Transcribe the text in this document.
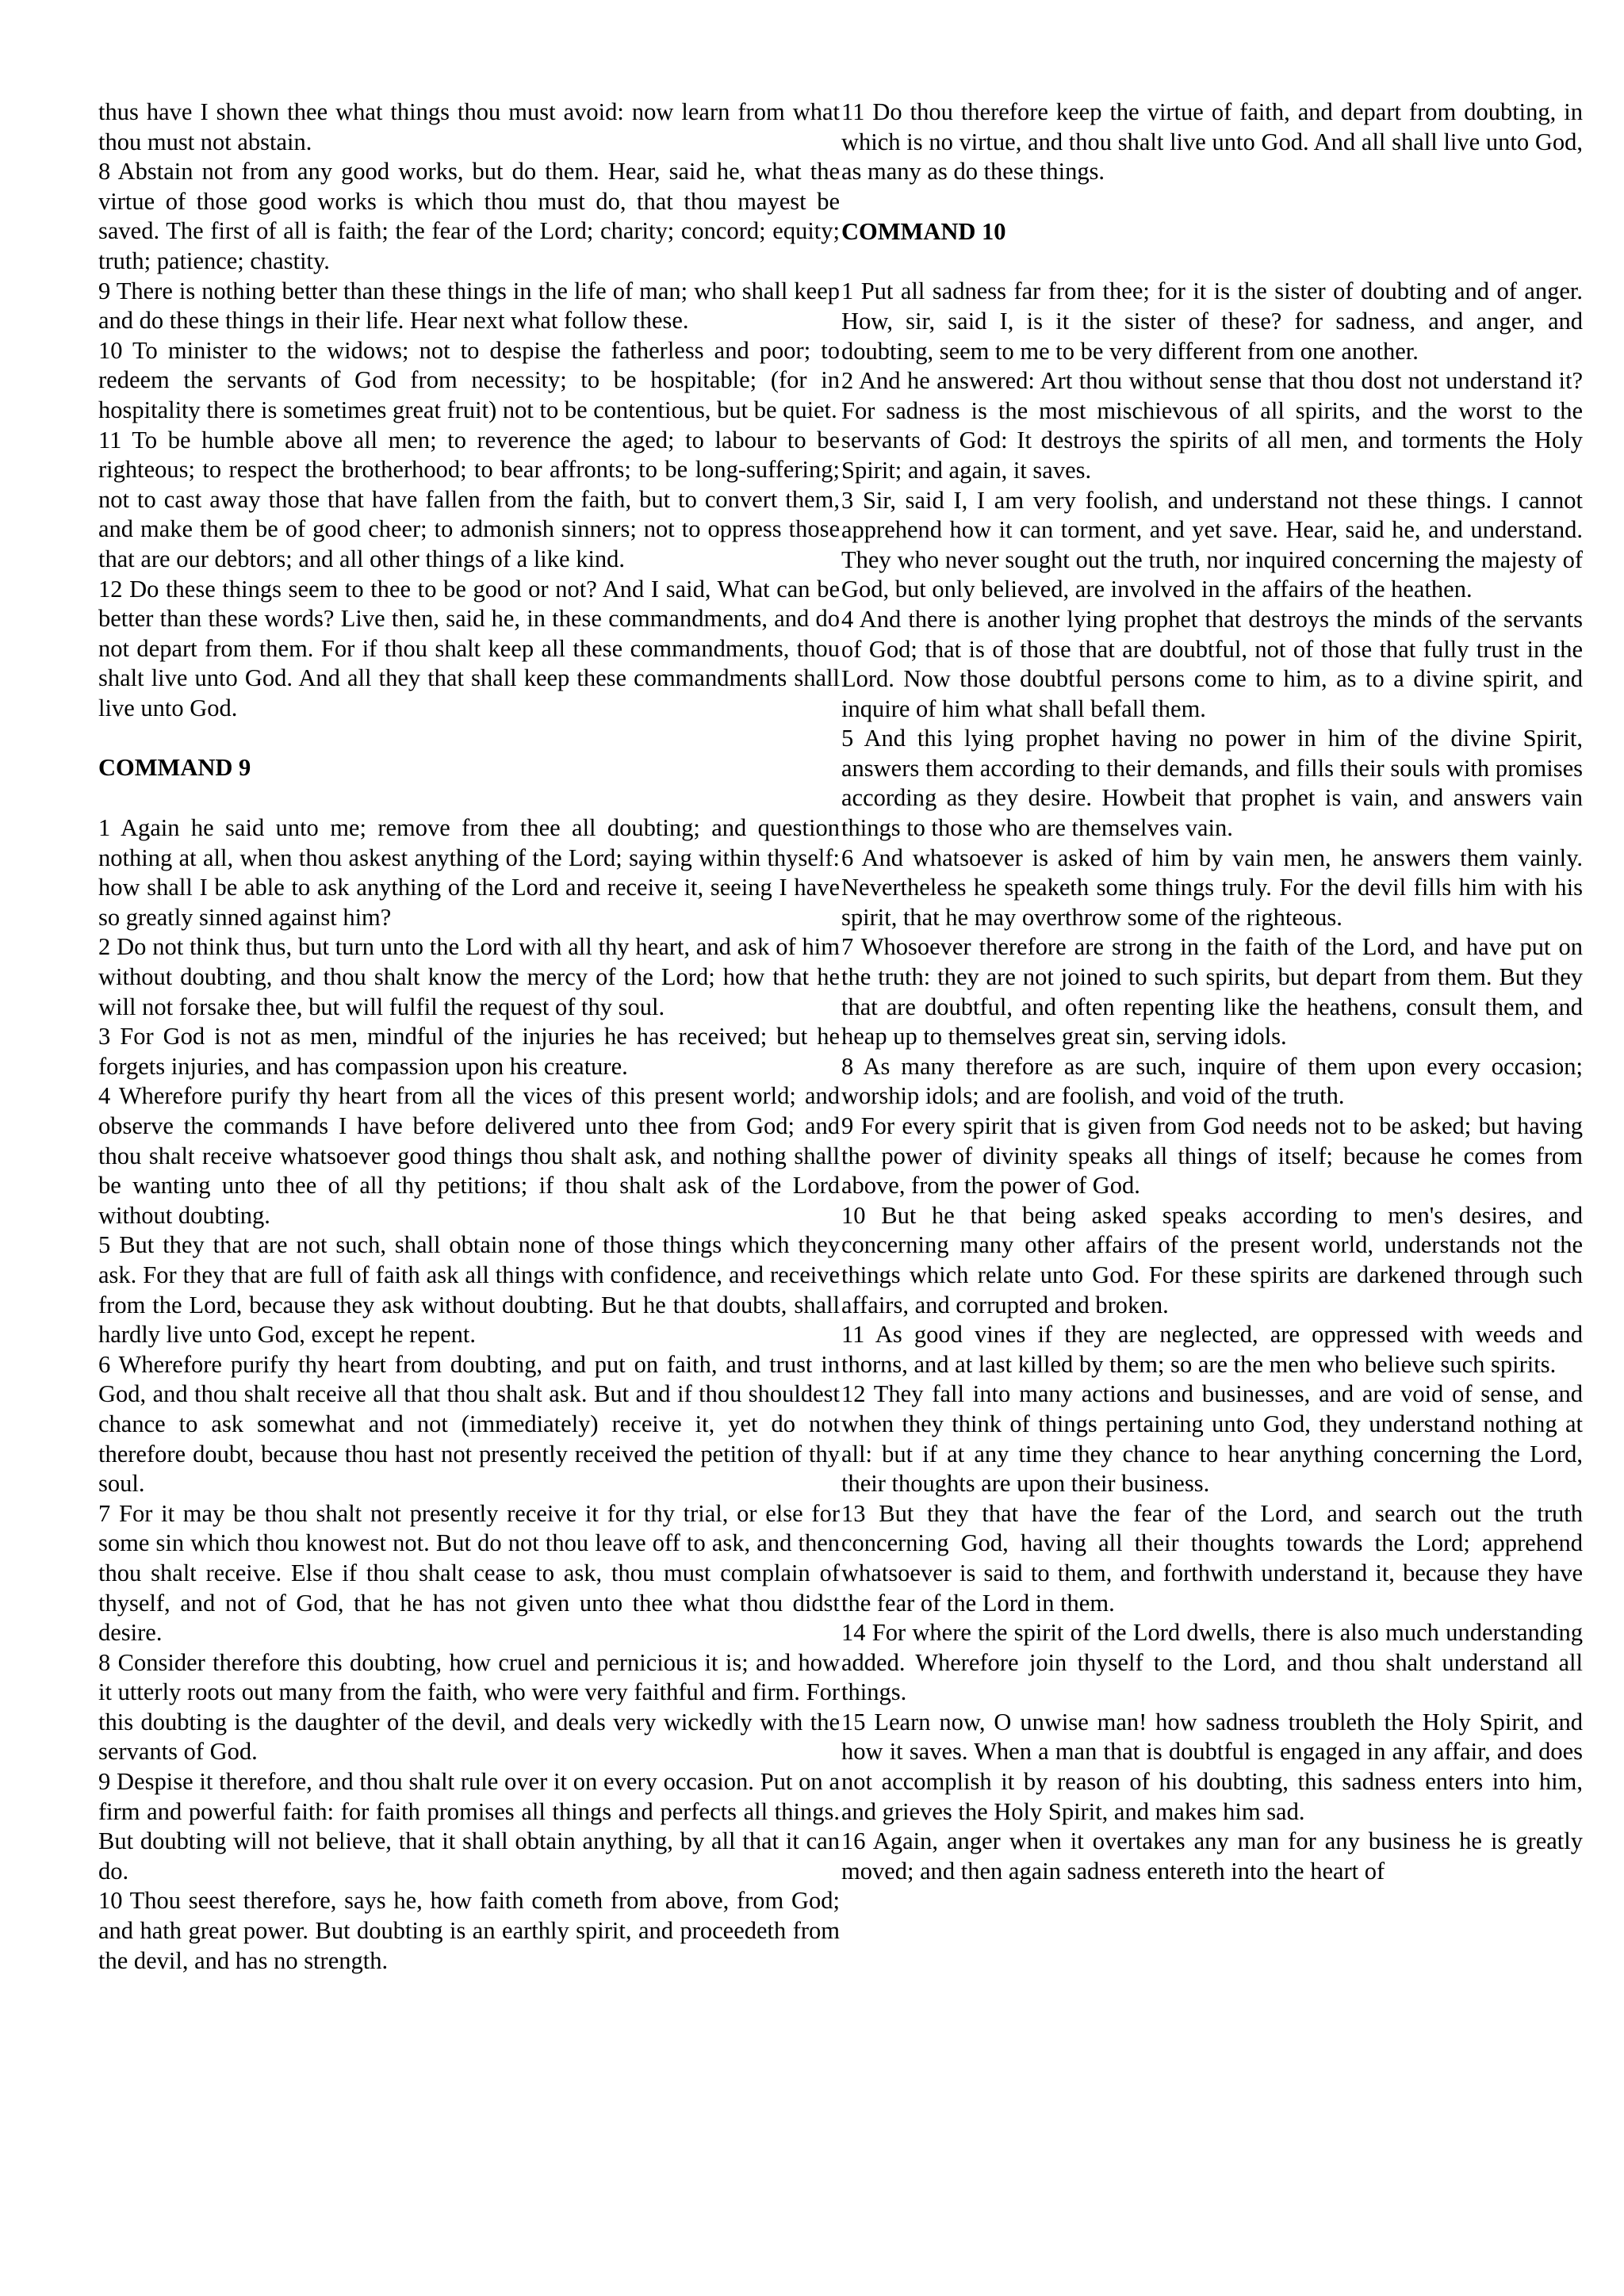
thus have I shown thee what things thou must avoid: now learn from what thou must not abstain.

8 Abstain not from any good works, but do them. Hear, said he, what the virtue of those good works is which thou must do, that thou mayest be saved. The first of all is faith; the fear of the Lord; charity; concord; equity; truth; patience; chastity.

9 There is nothing better than these things in the life of man; who shall keep and do these things in their life. Hear next what follow these.

10 To minister to the widows; not to despise the fatherless and poor; to redeem the servants of God from necessity; to be hospitable; (for in hospitality there is sometimes great fruit) not to be contentious, but be quiet.

11 To be humble above all men; to reverence the aged; to labour to be righteous; to respect the brotherhood; to bear affronts; to be long-suffering; not to cast away those that have fallen from the faith, but to convert them, and make them be of good cheer; to admonish sinners; not to oppress those that are our debtors; and all other things of a like kind.

12 Do these things seem to thee to be good or not? And I said, What can be better than these words? Live then, said he, in these commandments, and do not depart from them. For if thou shalt keep all these commandments, thou shalt live unto God. And all they that shall keep these commandments shall live unto God.

COMMAND 9

1 Again he said unto me; remove from thee all doubting; and question nothing at all, when thou askest anything of the Lord; saying within thyself: how shall I be able to ask anything of the Lord and receive it, seeing I have so greatly sinned against him?

2 Do not think thus, but turn unto the Lord with all thy heart, and ask of him without doubting, and thou shalt know the mercy of the Lord; how that he will not forsake thee, but will fulfil the request of thy soul.

3 For God is not as men, mindful of the injuries he has received; but he forgets injuries, and has compassion upon his creature.

4 Wherefore purify thy heart from all the vices of this present world; and observe the commands I have before delivered unto thee from God; and thou shalt receive whatsoever good things thou shalt ask, and nothing shall be wanting unto thee of all thy petitions; if thou shalt ask of the Lord without doubting.

5 But they that are not such, shall obtain none of those things which they ask. For they that are full of faith ask all things with confidence, and receive from the Lord, because they ask without doubting. But he that doubts, shall hardly live unto God, except he repent.

6 Wherefore purify thy heart from doubting, and put on faith, and trust in God, and thou shalt receive all that thou shalt ask. But and if thou shouldest chance to ask somewhat and not (immediately) receive it, yet do not therefore doubt, because thou hast not presently received the petition of thy soul.

7 For it may be thou shalt not presently receive it for thy trial, or else for some sin which thou knowest not. But do not thou leave off to ask, and then thou shalt receive. Else if thou shalt cease to ask, thou must complain of thyself, and not of God, that he has not given unto thee what thou didst desire.

8 Consider therefore this doubting, how cruel and pernicious it is; and how it utterly roots out many from the faith, who were very faithful and firm. For this doubting is the daughter of the devil, and deals very wickedly with the servants of God.

9 Despise it therefore, and thou shalt rule over it on every occasion. Put on a firm and powerful faith: for faith promises all things and perfects all things. But doubting will not believe, that it shall obtain anything, by all that it can do.

10 Thou seest therefore, says he, how faith cometh from above, from God; and hath great power. But doubting is an earthly spirit, and proceedeth from the devil, and has no strength.

11 Do thou therefore keep the virtue of faith, and depart from doubting, in which is no virtue, and thou shalt live unto God. And all shall live unto God, as many as do these things.

COMMAND 10

1 Put all sadness far from thee; for it is the sister of doubting and of anger. How, sir, said I, is it the sister of these? for sadness, and anger, and doubting, seem to me to be very different from one another.

2 And he answered: Art thou without sense that thou dost not understand it? For sadness is the most mischievous of all spirits, and the worst to the servants of God: It destroys the spirits of all men, and torments the Holy Spirit; and again, it saves.

3 Sir, said I, I am very foolish, and understand not these things. I cannot apprehend how it can torment, and yet save. Hear, said he, and understand. They who never sought out the truth, nor inquired concerning the majesty of God, but only believed, are involved in the affairs of the heathen.

4 And there is another lying prophet that destroys the minds of the servants of God; that is of those that are doubtful, not of those that fully trust in the Lord. Now those doubtful persons come to him, as to a divine spirit, and inquire of him what shall befall them.

5 And this lying prophet having no power in him of the divine Spirit, answers them according to their demands, and fills their souls with promises according as they desire. Howbeit that prophet is vain, and answers vain things to those who are themselves vain.

6 And whatsoever is asked of him by vain men, he answers them vainly. Nevertheless he speaketh some things truly. For the devil fills him with his spirit, that he may overthrow some of the righteous.

7 Whosoever therefore are strong in the faith of the Lord, and have put on the truth: they are not joined to such spirits, but depart from them. But they that are doubtful, and often repenting like the heathens, consult them, and heap up to themselves great sin, serving idols.

8 As many therefore as are such, inquire of them upon every occasion; worship idols; and are foolish, and void of the truth.

9 For every spirit that is given from God needs not to be asked; but having the power of divinity speaks all things of itself; because he comes from above, from the power of God.

10 But he that being asked speaks according to men's desires, and concerning many other affairs of the present world, understands not the things which relate unto God. For these spirits are darkened through such affairs, and corrupted and broken.

11 As good vines if they are neglected, are oppressed with weeds and thorns, and at last killed by them; so are the men who believe such spirits.

12 They fall into many actions and businesses, and are void of sense, and when they think of things pertaining unto God, they understand nothing at all: but if at any time they chance to hear anything concerning the Lord, their thoughts are upon their business.

13 But they that have the fear of the Lord, and search out the truth concerning God, having all their thoughts towards the Lord; apprehend whatsoever is said to them, and forthwith understand it, because they have the fear of the Lord in them.

14 For where the spirit of the Lord dwells, there is also much understanding added. Wherefore join thyself to the Lord, and thou shalt understand all things.

15 Learn now, O unwise man! how sadness troubleth the Holy Spirit, and how it saves. When a man that is doubtful is engaged in any affair, and does not accomplish it by reason of his doubting, this sadness enters into him, and grieves the Holy Spirit, and makes him sad.

16 Again, anger when it overtakes any man for any business he is greatly moved; and then again sadness entereth into the heart of
